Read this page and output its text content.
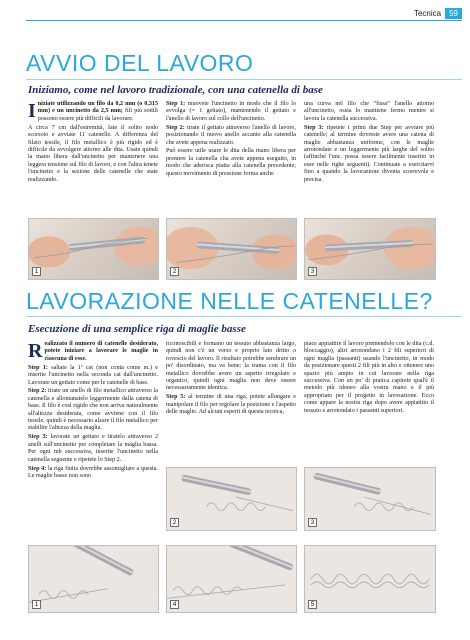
Tecnica	59
AVVIO DEL LAVORO
Iniziamo, come nel lavoro tradizionale, con una catenella di base

Iniziate utilizzando un filo da 0,2 mm (o 0,315 mm) e un uncinetto da 2,5 mm; fili più sottili possono essere più difficili da lavorare.

A circa 7 cm dall'estremità, fate il solito nodo scorsoio e avviate 11 catenelle. A differenza del filato tessile, il filo metallico è più rigido ed è difficile da avvolgere attorno alle dita. Usate quindi la mano libera dall'uncinetto per mantenere una leggera tensione sul filo di lavoro, e con l'altra tenete l'uncinetto e la sezione delle catenelle che state realizzando.

Step 1: muovete l'uncinetto in modo che il filo lo avvolga (= 1 gettato), mantenendo il gettato e l'anello di lavoro sul collo dell'uncinetto.

Step 2: tirate il gettato attraverso l'anello di lavoro, posizionando il nuovo anello accanto alla catenella che avete appena realizzato.

Può essere utile usare le dita della mano libera per premere la catenella cha avete appena eseguito, in modo che aderisca piatta alla catenella precedente; questo movimento di pressione forma anche

una curva nel filo che “fissa” l'anello attorno all'uncinetto, ossia lo mantiene fermo mentre si lavora la catenella successiva.

Step 3: ripetete i primi due Step per avviare più catenelle; al termine dovreste avere una catena di maglie abbastanza uniforme, con le maglie arrotondate e un leggermente più larghe del solito (affinché l'unc. possa essere facilmente inserito in esse nelle righe seguenti). Continuate a esercitarvi fino a quando la lavorazione diventa scorrevole e precisa.

1	2	3
LAVORAZIONE NELLE CATENELLE?
Esecuzione di una semplice riga di maglie basse

Realizzato il numero di catenelle desiderato, potete iniziare a lavorare le maglie in ciascuna di esse.

Step 1: saltate la 1ª cat (non conta come m.) e inserite l'uncinetto nella seconda cat dall'uncinetto. Lavorate un gettato come per le catenelle di base.

Step 2: tirate un anello di filo metallico attraverso la catenella e allontanatelo leggermente dalla catena di base. Il filo è così rigido che non arriva naturalmente all'altezza desiderata, come avviene con il filo tessile, quindi è necessario alzare il filo metallico per stabilire l'altezza della maglia.

Step 3: lavorate un gettato e tiratelo attraverso 2 anelli sull'uncinetto per completare la maglia bassa. Per ogni mb successiva, inserite l'uncinetto nella catenella seguente e ripetete lo Step 2.

Step 4: la riga finita dovrebbe assomigliare a questa. Le maglie basse non sono

riconoscibili e formano un tessuto abbastanza largo, quindi non c'è un verso e proprio lato dritto o rovescio del lavoro. Il risultato potrebbe sembrare un po' disordinato, ma va bene: la trama con il filo metallico dovrebbe avere un aspetto irregolare e organico, quindi ogni maglia non deve essere necessariamente identica.

Step 5: al termine di una riga, potete allungare e manipolare il filo per regolare la posizione e l'aspetto delle maglie. Ad alcuni esperti di questa tecnica,

piace appiattire il lavoro premendolo con le dita (c.d. bloccaggio), altri arrotondano i 2 fili superiori di ogni maglia (passanti) usando l'uncinetto, in modo da posizionare questi 2 fili più in alto e ottenere uno spazio più ampio in cui lavorare nella riga successiva. Con un po' di pratica capirete qual'è il metodo più idoneo alla vostra mano e il più appropriato per il progetto in lavorazione. Ecco come appare la nostra riga dopo avere appiattito il tessuto e arrotondato i passanti superiori.

2	3
1	4	5
